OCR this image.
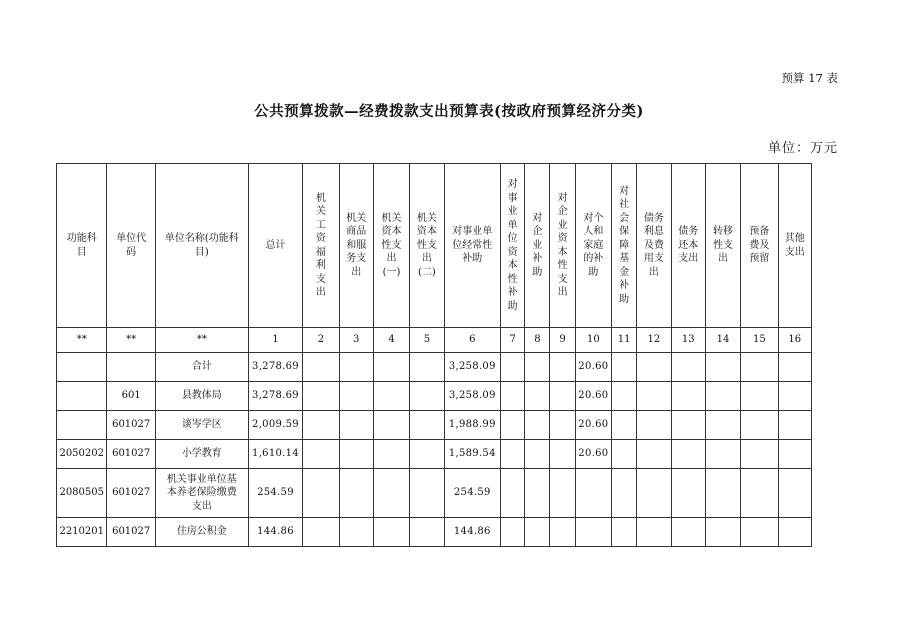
预算 17 表
公共预算拨款—经费拨款支出预算表(按政府预算经济分类)
单位：万元
功能科目	单位代码	单位名称(功能科目)	总计	机关工资福利支出	机关商品和服务支出	机关资本性支出(一)	机关资本性支出(二)	对事业单位经常性补助	对事业单位资本性补助	对企业补助	对企业资本性支出	对个人和家庭的补助	对社会保障基金补助	债务利息及费用支出	债务还本支出	转移性支出	预备费及预留	其他支出
**	**	**	1	2	3	4	5	6	7	8	9	10	11	12	13	14	15	16
		合计	3,278.69					3,258.09				20.60						
	601	县教体局	3,278.69					3,258.09				20.60						
	601027	谈岑学区	2,009.59					1,988.99				20.60						
2050202	601027	小学教育	1,610.14					1,589.54				20.60						
2080505	601027	机关事业单位基本养老保险缴费支出	254.59					254.59										
2210201	601027	住房公积金	144.86					144.86										
